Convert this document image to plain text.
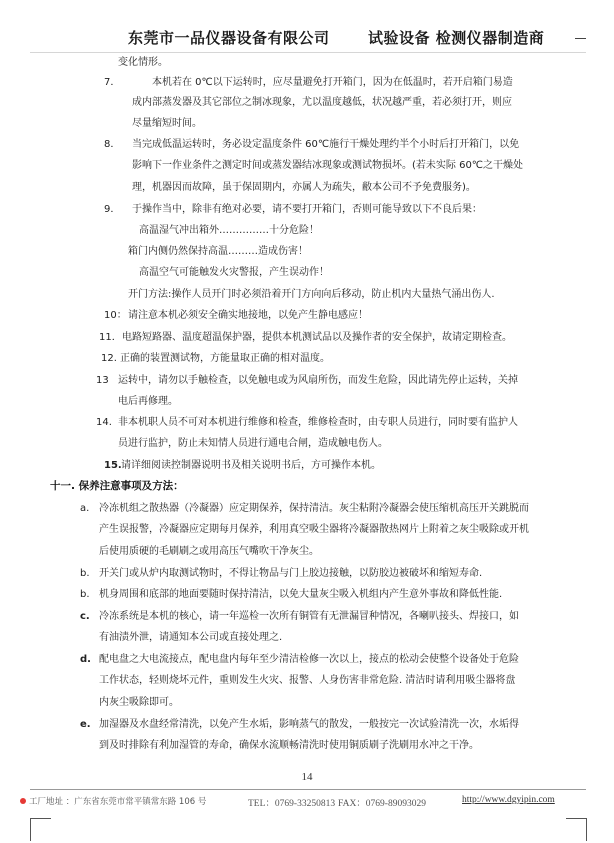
东莞市一品仪器设备有限公司	试验设备 检测仪器制造商
变化情形。
7．	本机若在 0℃以下运转时，应尽量避免打开箱门，因为在低温时，若开启箱门易造
成内部蒸发器及其它部位之制冰现象，尤以温度越低，状况越严重，若必须打开，则应
尽量缩短时间。
8． 当完成低温运转时，务必设定温度条件 60℃施行干燥处理约半个小时后打开箱门，以免
影响下一作业条件之测定时间或蒸发器结冰现象或测试物损坏。(若未实际 60℃之干燥处
理，机器因而故障，虽于保固期内，亦属人为疏失，敝本公司不予免费服务)。
9． 于操作当中，除非有绝对必要，请不要打开箱门，否则可能导致以下不良后果：
高温湿气冲出箱外……………十分危险！
箱门内侧仍然保持高温………造成伤害！
高温空气可能触发火灾警报，产生误动作！
开门方法:操作人员开门时必须沿着开门方向向后移动，防止机内大量热气涌出伤人.
10： 请注意本机必须安全确实地接地，以免产生静电感应！
11． 电路短路器、温度超温保护器，提供本机测试品以及操作者的安全保护，故请定期检查。
12. 正确的装置测试物，方能量取正确的相对温度。
13 运转中，请勿以手触检查，以免触电或为风扇所伤，而发生危险，因此请先停止运转，关掉
电后再修理。
14. 非本机职人员不可对本机进行维修和检查，维修检查时，由专职人员进行，同时要有监护人
员进行监护，防止未知情人员进行通电合闸，造成触电伤人。
15. 请详细阅读控制器说明书及相关说明书后，方可操作本机。
十一. 保养注意事项及方法：
a. 冷冻机组之散热器（冷凝器）应定期保养，保持清洁。灰尘粘附冷凝器会使压缩机高压开关跳脱而
产生误报警，冷凝器应定期每月保养，利用真空吸尘器将冷凝器散热网片上附着之灰尘吸除或开机
后使用质硬的毛刷刷之或用高压气嘴吹干净灰尘。
b. 开关门或从炉内取测试物时，不得让物品与门上胶边接触，以防胶边被破坏和缩短寿命.
b. 机身周围和底部的地面要随时保持清洁，以免大量灰尘吸入机组内产生意外事故和降低性能.
c. 冷冻系统是本机的核心，请一年巡检一次所有铜管有无泄漏冒种情况，各喇叭接头、焊接口，如
有油渍外泄，请通知本公司或直接处理之.
d. 配电盘之大电流接点，配电盘内每年至少清洁检修一次以上，接点的松动会使整个设备处于危险
工作状态，轻则烧坏元件，重则发生火灾、报警、人身伤害非常危险. 清洁时请利用吸尘器将盘
内灰尘吸除即可。
e. 加湿器及水盘经常清洗，以免产生水垢，影响蒸气的散发，一般按完一次试验清洗一次，水垢得
到及时排除有利加湿管的寿命，确保水流顺畅清洗时使用铜质刷子洗刷用水冲之干净。
14
工厂地址 ：广东省东莞市常平镇常东路 106 号	TEL：0769-33250813 FAX：0769-89093029	http://www.dgyipin.com
